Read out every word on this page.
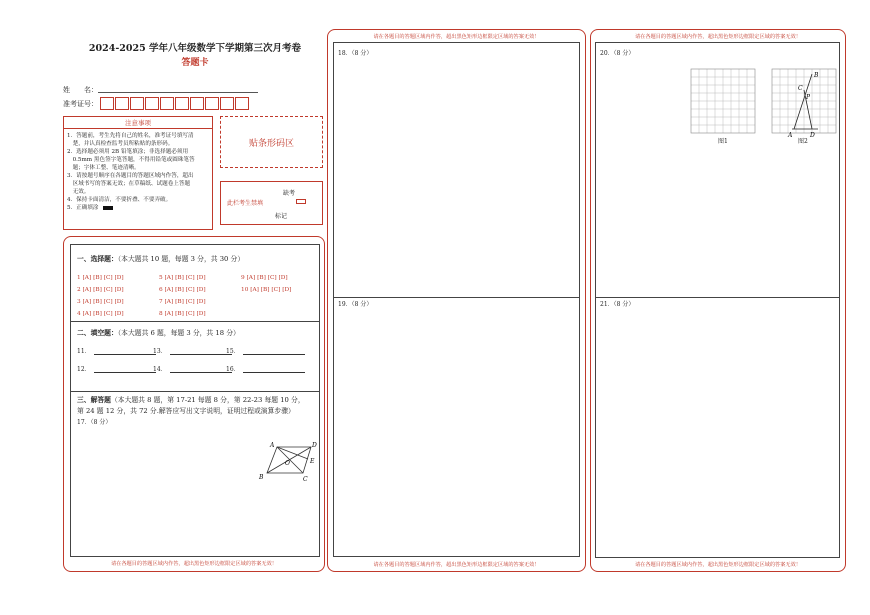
2024-2025 学年八年级数学下学期第三次月考卷
答题卡
姓　　名：
准考证号：
注意事项
1．答题前，考生先将自己的姓名，准考证号填写清
　楚，并认真检查监考员所粘贴的条形码。
2．选择题必须用 2B 铅笔填涂；非选择题必须用
　0.5mm 黑色签字笔答题，不得用铅笔或圆珠笔答
　题；字体工整、笔迹清晰。
3．请按题号顺序在各题目的答题区域内作答，超出
　区域书写的答案无效；在草稿纸、试题卷上答题
　无效。
4．保持卡面清洁，不要折叠、不要弄破。
5．正确填涂
贴条形码区
此栏考生禁填
缺考
标记
一、选择题：（本大题共 10 题，每题 3 分，共 30 分）
1 [A] [B] [C] [D]
2 [A] [B] [C] [D]
3 [A] [B] [C] [D]
4 [A] [B] [C] [D]
5 [A] [B] [C] [D]
6 [A] [B] [C] [D]
7 [A] [B] [C] [D]
8 [A] [B] [C] [D]
9 [A] [B] [C] [D]
10 [A] [B] [C] [D]
二、填空题：（本大题共 6 题，每题 3 分，共 18 分）
11．	13．	15．
12．	14．	16．
三、解答题（本大题共 8 题，第 17-21 每题 8 分，第 22-23 每题 10 分，
第 24 题 12 分，共 72 分.解答应写出文字说明，证明过程或演算步骤）
17．（8 分）
A	D
O	E
B	C
请在各题目的答题区域内作答，超出黑色矩形边框限定区域的答案无效！
请在各题目的答题区域内作答，超出黑色矩形边框限定区域的答案无效！
18．（8 分）
19．（8 分）
请在各题目的答题区域内作答，超出黑色矩形边框限定区域的答案无效！
请在各题目的答题区域内作答，超出黑色矩形边框限定区域的答案无效！
20．（8 分）
图1
B
C
P
A	D
图2
21．（8 分）
请在各题目的答题区域内作答，超出黑色矩形边框限定区域的答案无效！
